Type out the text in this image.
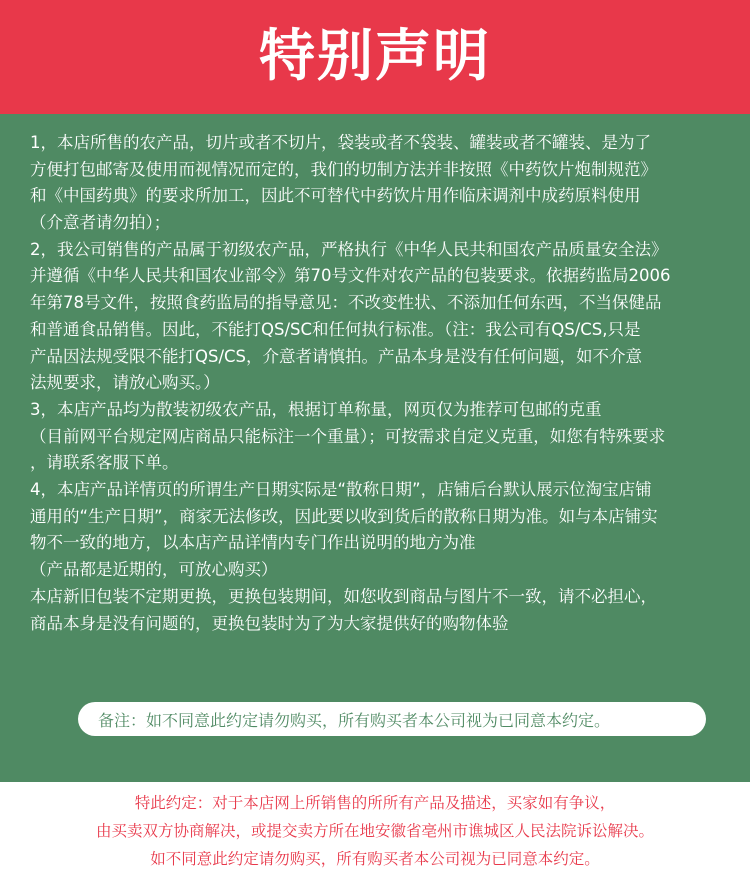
特别声明
1，本店所售的农产品，切片或者不切片，袋装或者不袋装、罐装或者不罐装、是为了
方便打包邮寄及使用而视情况而定的，我们的切制方法并非按照《中药饮片炮制规范》
和《中国药典》的要求所加工，因此不可替代中药饮片用作临床调剂中成药原料使用
（介意者请勿拍）；
2，我公司销售的产品属于初级农产品，严格执行《中华人民共和国农产品质量安全法》
并遵循《中华人民共和国农业部令》第70号文件对农产品的包装要求。依据药监局2006
年第78号文件，按照食药监局的指导意见：不改变性状、不添加任何东西，不当保健品
和普通食品销售。因此，不能打QS/SC和任何执行标准。（注：我公司有QS/CS,只是
产品因法规受限不能打QS/CS，介意者请慎拍。产品本身是没有任何问题，如不介意
法规要求，请放心购买。）
3，本店产品均为散装初级农产品，根据订单称量，网页仅为推荐可包邮的克重
（目前网平台规定网店商品只能标注一个重量）；可按需求自定义克重，如您有特殊要求
，请联系客服下单。
4，本店产品详情页的所谓生产日期实际是“散称日期”，店铺后台默认展示位淘宝店铺
通用的“生产日期”，商家无法修改，因此要以收到货后的散称日期为准。如与本店铺实
物不一致的地方，以本店产品详情内专门作出说明的地方为准
（产品都是近期的，可放心购买）
本店新旧包装不定期更换，更换包装期间，如您收到商品与图片不一致，请不必担心，
商品本身是没有问题的，更换包装时为了为大家提供好的购物体验
备注：如不同意此约定请勿购买，所有购买者本公司视为已同意本约定。
特此约定：对于本店网上所销售的所所有产品及描述，买家如有争议，
由买卖双方协商解决，或提交卖方所在地安徽省亳州市谯城区人民法院诉讼解决。
如不同意此约定请勿购买，所有购买者本公司视为已同意本约定。
